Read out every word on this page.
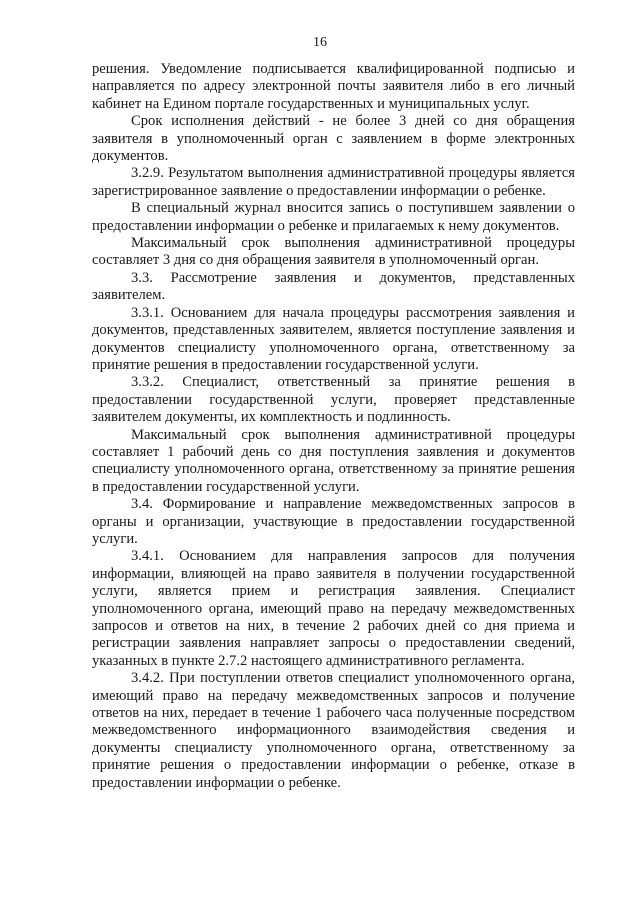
16

решения. Уведомление подписывается квалифицированной подписью и направляется по адресу электронной почты заявителя либо в его личный кабинет на Едином портале государственных и муниципальных услуг.

Срок исполнения действий - не более 3 дней со дня обращения заявителя в уполномоченный орган с заявлением в форме электронных документов.

3.2.9. Результатом выполнения административной процедуры является зарегистрированное заявление о предоставлении информации о ребенке.

В специальный журнал вносится запись о поступившем заявлении о предоставлении информации о ребенке и прилагаемых к нему документов.

Максимальный срок выполнения административной процедуры составляет 3 дня со дня обращения заявителя в уполномоченный орган.

3.3. Рассмотрение заявления и документов, представленных заявителем.

3.3.1. Основанием для начала процедуры рассмотрения заявления и документов, представленных заявителем, является поступление заявления и документов специалисту уполномоченного органа, ответственному за принятие решения в предоставлении государственной услуги.

3.3.2. Специалист, ответственный за принятие решения в предоставлении государственной услуги, проверяет представленные заявителем документы, их комплектность и подлинность.

Максимальный срок выполнения административной процедуры составляет 1 рабочий день со дня поступления заявления и документов специалисту уполномоченного органа, ответственному за принятие решения в предоставлении государственной услуги.

3.4. Формирование и направление межведомственных запросов в органы и организации, участвующие в предоставлении государственной услуги.

3.4.1. Основанием для направления запросов для получения информации, влияющей на право заявителя в получении государственной услуги, является прием и регистрация заявления. Специалист уполномоченного органа, имеющий право на передачу межведомственных запросов и ответов на них, в течение 2 рабочих дней со дня приема и регистрации заявления направляет запросы о предоставлении сведений, указанных в пункте 2.7.2 настоящего административного регламента.

3.4.2. При поступлении ответов специалист уполномоченного органа, имеющий право на передачу межведомственных запросов и получение ответов на них, передает в течение 1 рабочего часа полученные посредством межведомственного информационного взаимодействия сведения и документы специалисту уполномоченного органа, ответственному за принятие решения о предоставлении информации о ребенке, отказе в предоставлении информации о ребенке.
